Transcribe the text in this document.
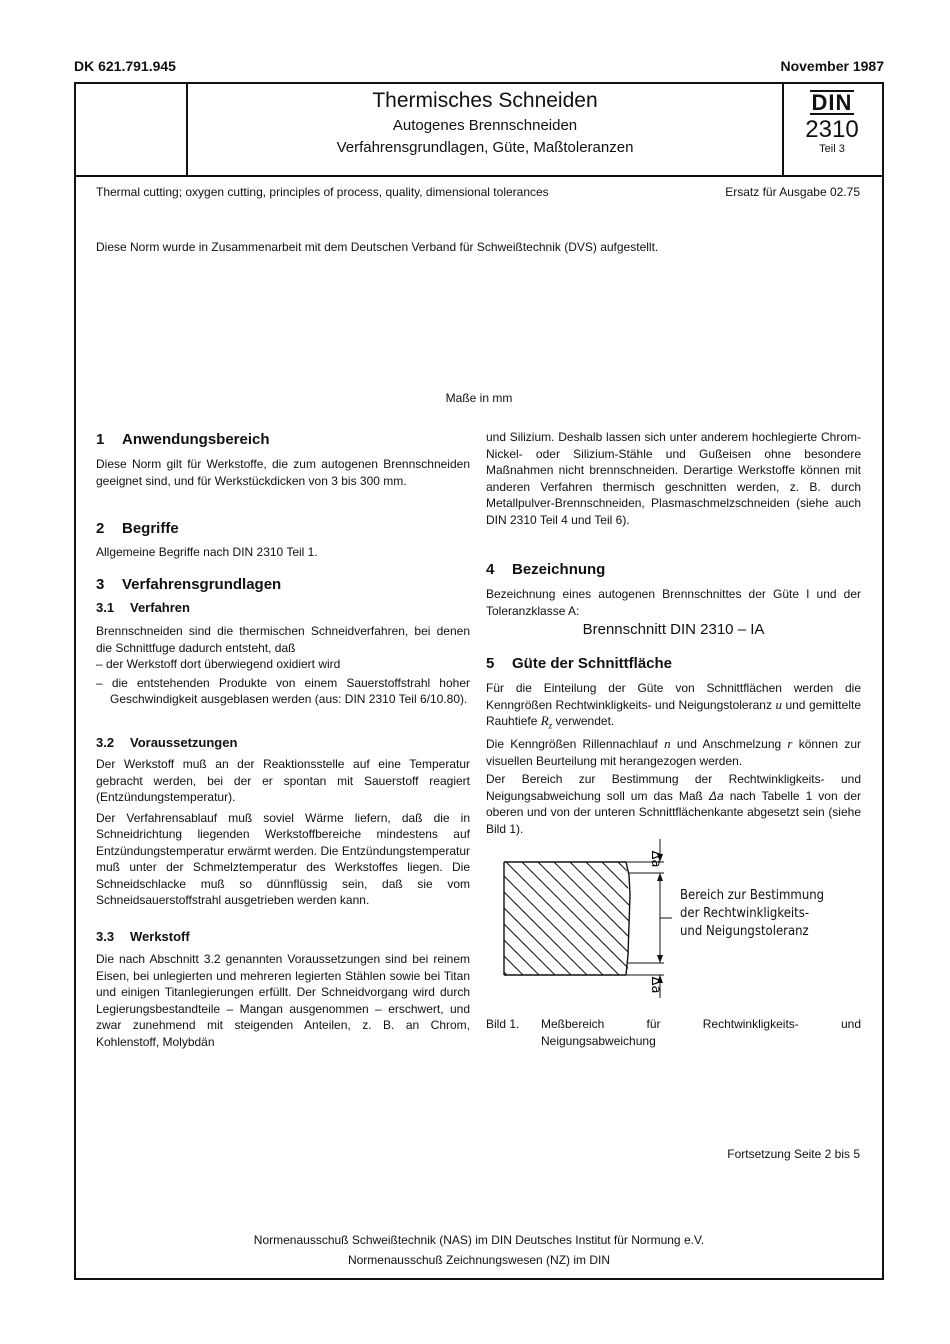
DK 621.791.945	November 1987
Thermisches Schneiden
Autogenes Brennschneiden
Verfahrensgrundlagen, Güte, Maßtoleranzen
DIN
2310
Teil 3
Thermal cutting; oxygen cutting, principles of process, quality, dimensional tolerances	Ersatz für Ausgabe 02.75
Diese Norm wurde in Zusammenarbeit mit dem Deutschen Verband für Schweißtechnik (DVS) aufgestellt.
Maße in mm
1 Anwendungsbereich
Diese Norm gilt für Werkstoffe, die zum autogenen Brennschneiden geeignet sind, und für Werkstückdicken von 3 bis 300 mm.
2 Begriffe
Allgemeine Begriffe nach DIN 2310 Teil 1.
3 Verfahrensgrundlagen
3.1 Verfahren
Brennschneiden sind die thermischen Schneidverfahren, bei denen die Schnittfuge dadurch entsteht, daß
– der Werkstoff dort überwiegend oxidiert wird
– die entstehenden Produkte von einem Sauerstoffstrahl hoher Geschwindigkeit ausgeblasen werden (aus: DIN 2310 Teil 6/10.80).
3.2 Voraussetzungen
Der Werkstoff muß an der Reaktionsstelle auf eine Temperatur gebracht werden, bei der er spontan mit Sauerstoff reagiert (Entzündungstemperatur).
Der Verfahrensablauf muß soviel Wärme liefern, daß die in Schneidrichtung liegenden Werkstoffbereiche mindestens auf Entzündungstemperatur erwärmt werden. Die Entzündungstemperatur muß unter der Schmelztemperatur des Werkstoffes liegen. Die Schneidschlacke muß so dünnflüssig sein, daß sie vom Schneidsauerstoffstrahl ausgetrieben werden kann.
3.3 Werkstoff
Die nach Abschnitt 3.2 genannten Voraussetzungen sind bei reinem Eisen, bei unlegierten und mehreren legierten Stählen sowie bei Titan und einigen Titanlegierungen erfüllt. Der Schneidvorgang wird durch Legierungsbestandteile – Mangan ausgenommen – erschwert, und zwar zunehmend mit steigenden Anteilen, z. B. an Chrom, Kohlenstoff, Molybdän
und Silizium. Deshalb lassen sich unter anderem hochlegierte Chrom-Nickel- oder Silizium-Stähle und Gußeisen ohne besondere Maßnahmen nicht brennschneiden. Derartige Werkstoffe können mit anderen Verfahren thermisch geschnitten werden, z. B. durch Metallpulver-Brennschneiden, Plasmaschmelzschneiden (siehe auch DIN 2310 Teil 4 und Teil 6).
4 Bezeichnung
Bezeichnung eines autogenen Brennschnittes der Güte I und der Toleranzklasse A:
Brennschnitt DIN 2310 – IA
5 Güte der Schnittfläche
Für die Einteilung der Güte von Schnittflächen werden die Kenngrößen Rechtwinkligkeits- und Neigungstoleranz u und gemittelte Rauhtiefe $R_z$ verwendet.
Die Kenngrößen Rillennachlauf n und Anschmelzung r können zur visuellen Beurteilung mit herangezogen werden.
Der Bereich zur Bestimmung der Rechtwinkligkeits- und Neigungsabweichung soll um das Maß Δa nach Tabelle 1 von der oberen und von der unteren Schnittflächenkante abgesetzt sein (siehe Bild 1).
Δa
Δa
Bereich zur Bestimmung
der Rechtwinkligkeits-
und Neigungstoleranz
Bild 1.	Meßbereich für Rechtwinkligkeits- und Neigungsabweichung
Fortsetzung Seite 2 bis 5
Normenausschuß Schweißtechnik (NAS) im DIN Deutsches Institut für Normung e.V.
Normenausschuß Zeichnungswesen (NZ) im DIN
